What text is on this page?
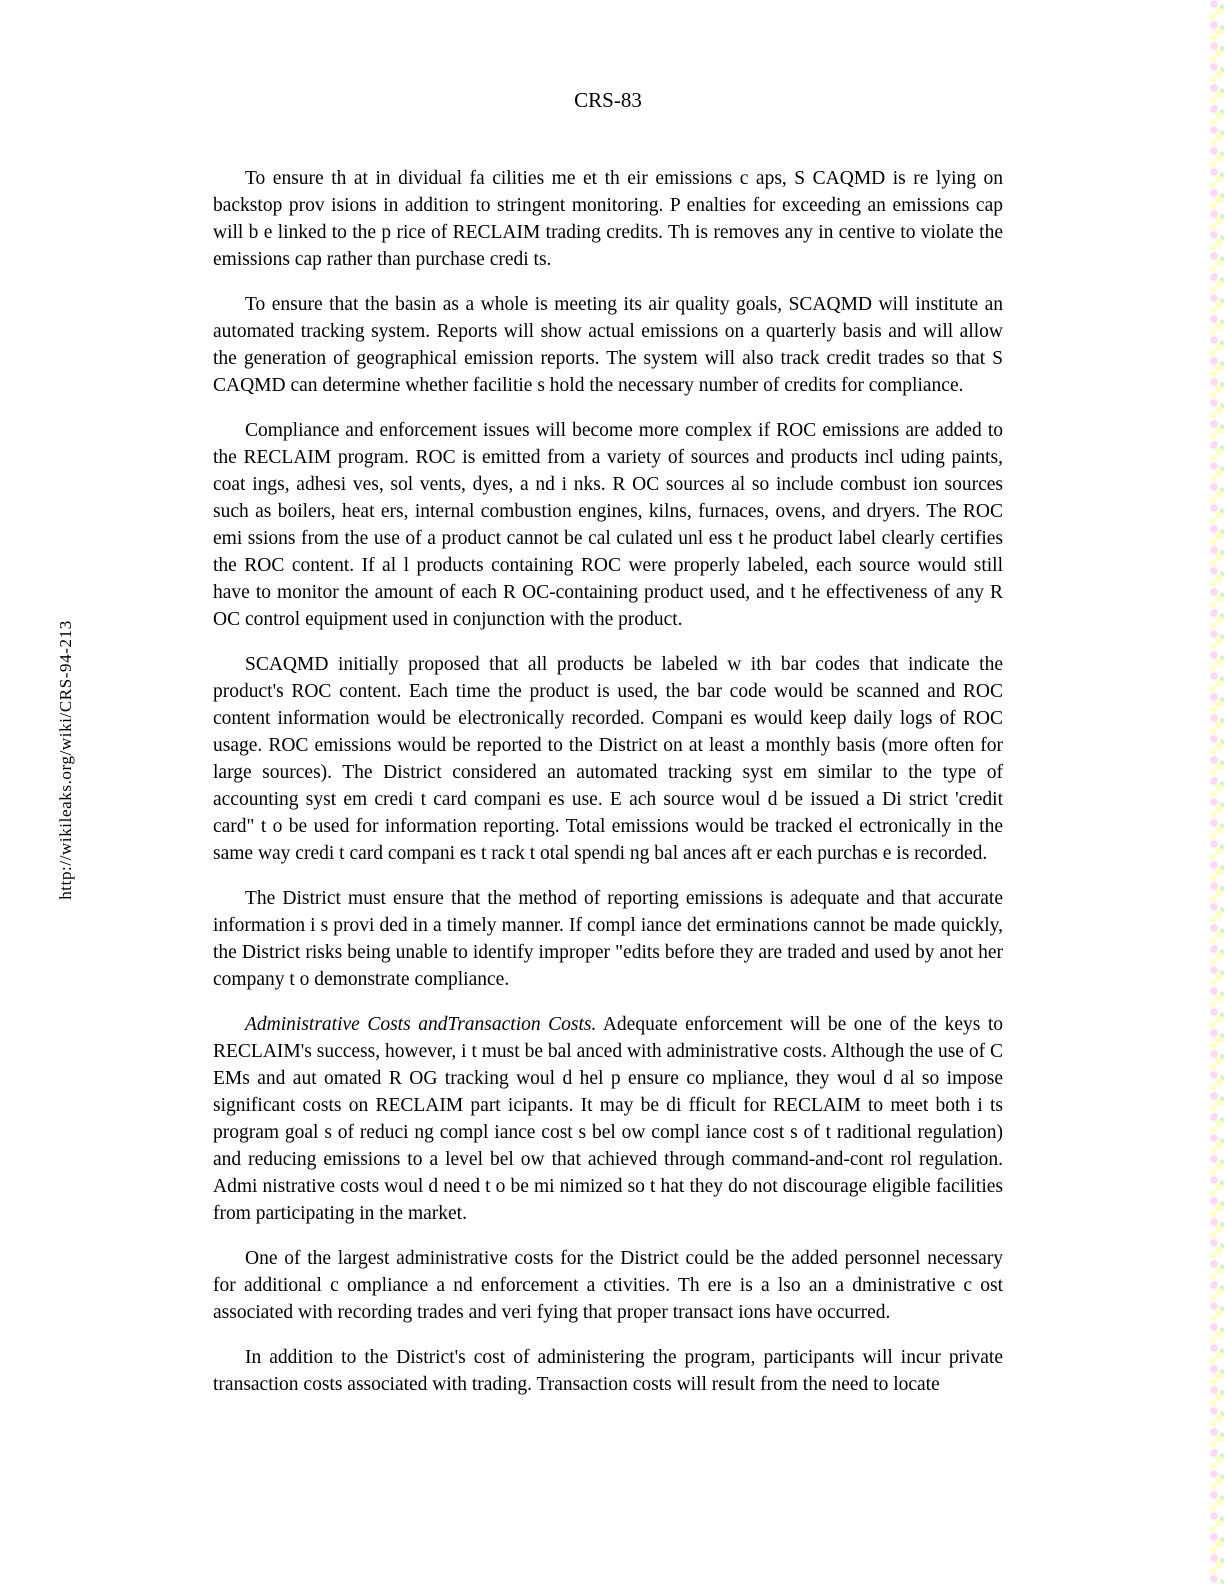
http://wikileaks.org/wiki/CRS-94-213
CRS-83

To ensure th at in dividual fa cilities me et th eir emissions c aps, S CAQMD is re lying on backstop prov isions in addition to stringent monitoring. P enalties for exceeding an emissions cap will b e linked to the p rice of RECLAIM trading credits. Th is removes any in centive to violate the emissions cap rather than purchase credi ts.

To ensure that the basin as a whole is meeting its air quality goals, SCAQMD will institute an automated tracking system. Reports will show actual emissions on a quarterly basis and will allow the generation of geographical emission reports. The system will also track credit trades so that S CAQMD can determine whether facilitie s hold the necessary number of credits for compliance.

Compliance and enforcement issues will become more complex if ROC emissions are added to the RECLAIM program. ROC is emitted from a variety of sources and products incl uding paints, coat ings, adhesi ves, sol vents, dyes, a nd i nks. R OC sources al so include combust ion sources such as boilers, heat ers, internal combustion engines, kilns, furnaces, ovens, and dryers. The ROC emi ssions from the use of a product cannot be cal culated unl ess t he product label clearly certifies the ROC content. If al l products containing ROC were properly labeled, each source would still have to monitor the amount of each R OC-containing product used, and t he effectiveness of any R OC control equipment used in conjunction with the product.

SCAQMD initially proposed that all products be labeled w ith bar codes that indicate the product's ROC content. Each time the product is used, the bar code would be scanned and ROC content information would be electronically recorded. Compani es would keep daily logs of ROC usage. ROC emissions would be reported to the District on at least a monthly basis (more often for large sources). The District considered an automated tracking syst em similar to the type of accounting syst em credi t card compani es use. E ach source woul d be issued a Di strict 'credit card" t o be used for information reporting. Total emissions would be tracked el ectronically in the same way credi t card compani es t rack t otal spendi ng bal ances aft er each purchas e is recorded.

The District must ensure that the method of reporting emissions is adequate and that accurate information i s provi ded in a timely manner. If compl iance det erminations cannot be made quickly, the District risks being unable to identify improper "edits before they are traded and used by anot her company t o demonstrate compliance.

Administrative Costs andTransaction Costs. Adequate enforcement will be one of the keys to RECLAIM's success, however, i t must be bal anced with administrative costs. Although the use of C EMs and aut omated R OG tracking woul d hel p ensure co mpliance, they woul d al so impose significant costs on RECLAIM part icipants. It may be di fficult for RECLAIM to meet both i ts program goal s of reduci ng compl iance cost s bel ow compl iance cost s of t raditional regulation) and reducing emissions to a level bel ow that achieved through command-and-cont rol regulation. Admi nistrative costs woul d need t o be mi nimized so t hat they do not discourage eligible facilities from participating in the market.

One of the largest administrative costs for the District could be the added personnel necessary for additional c ompliance a nd enforcement a ctivities. Th ere is a lso an a dministrative c ost associated with recording trades and veri fying that proper transact ions have occurred.

In addition to the District's cost of administering the program, participants will incur private transaction costs associated with trading. Transaction costs will result from the need to locate
